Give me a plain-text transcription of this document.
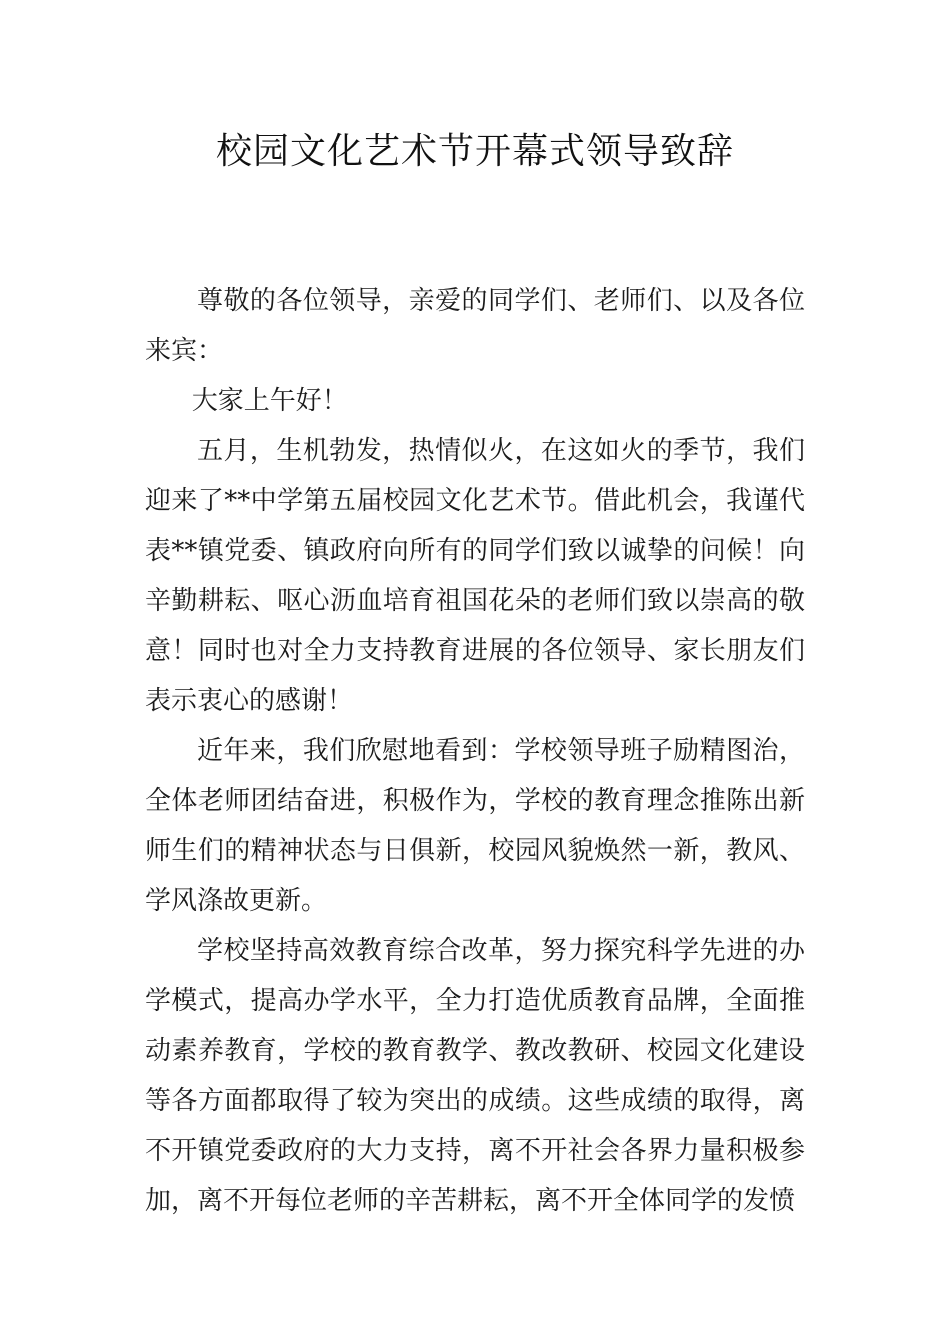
校园文化艺术节开幕式领导致辞

尊敬的各位领导，亲爱的同学们、老师们、以及各位来宾：

大家上午好！

五月，生机勃发，热情似火，在这如火的季节，我们迎来了**中学第五届校园文化艺术节。借此机会，我谨代表**镇党委、镇政府向所有的同学们致以诚挚的问候！向辛勤耕耘、呕心沥血培育祖国花朵的老师们致以崇高的敬意！同时也对全力支持教育进展的各位领导、家长朋友们表示衷心的感谢！

近年来，我们欣慰地看到：学校领导班子励精图治，全体老师团结奋进，积极作为，学校的教育理念推陈出新师生们的精神状态与日俱新，校园风貌焕然一新，教风、学风涤故更新。

学校坚持高效教育综合改革，努力探究科学先进的办学模式，提高办学水平，全力打造优质教育品牌，全面推动素养教育，学校的教育教学、教改教研、校园文化建设等各方面都取得了较为突出的成绩。这些成绩的取得，离不开镇党委政府的大力支持，离不开社会各界力量积极参加，离不开每位老师的辛苦耕耘，离不开全体同学的发愤
